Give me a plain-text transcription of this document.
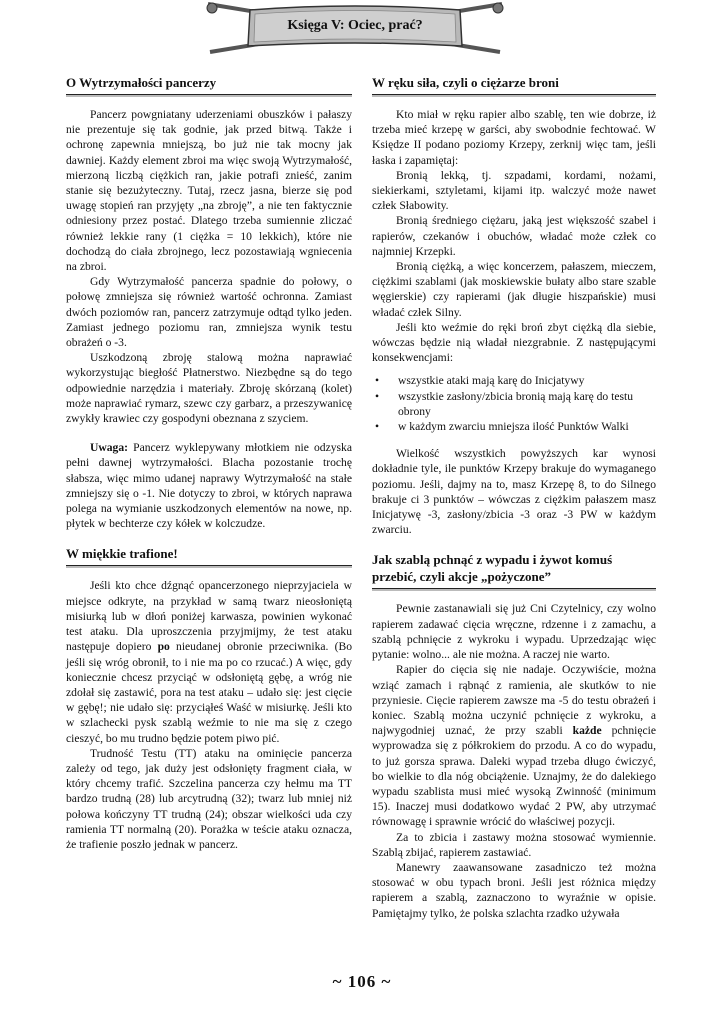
Księga V: Ociec, prać?
O Wytrzymałości pancerzy

Pancerz powgniatany uderzeniami obuszków i pałaszy nie prezentuje się tak godnie, jak przed bitwą. Także i ochronę zapewnia mniejszą, bo już nie tak mocny jak dawniej. Każdy element zbroi ma więc swoją Wytrzymałość, mierzoną liczbą ciężkich ran, jakie potrafi znieść, zanim stanie się bezużyteczny. Tutaj, rzecz jasna, bierze się pod uwagę stopień ran przyjęty „na zbroję”, a nie ten faktycznie odniesiony przez postać. Dlatego trzeba sumiennie zliczać również lekkie rany (1 ciężka = 10 lekkich), które nie dochodzą do ciała zbrojnego, lecz pozostawiają wgniecenia na zbroi.

Gdy Wytrzymałość pancerza spadnie do połowy, o połowę zmniejsza się również wartość ochronna. Zamiast dwóch poziomów ran, pancerz zatrzymuje odtąd tylko jeden. Zamiast jednego poziomu ran, zmniejsza wynik testu obrażeń o -3.

Uszkodzoną zbroję stalową można naprawiać wykorzystując biegłość Płatnerstwo. Niezbędne są do tego odpowiednie narzędzia i materiały. Zbroję skórzaną (kolet) może naprawiać rymarz, szewc czy garbarz, a przeszywanicę zwykły krawiec czy gospodyni obeznana z szyciem.

Uwaga: Pancerz wyklepywany młotkiem nie odzyska pełni dawnej wytrzymałości. Blacha pozostanie trochę słabsza, więc mimo udanej naprawy Wytrzymałość na stałe zmniejszy się o -1. Nie dotyczy to zbroi, w których naprawa polega na wymianie uszkodzonych elementów na nowe, np. płytek w bechterze czy kółek w kolczudze.

W miękkie trafione!

Jeśli kto chce dźgnąć opancerzonego nieprzyjaciela w miejsce odkryte, na przykład w samą twarz nieosłoniętą misiurką lub w dłoń poniżej karwasza, powinien wykonać test ataku. Dla uproszczenia przyjmijmy, że test ataku następuje dopiero po nieudanej obronie przeciwnika. (Bo jeśli się wróg obronił, to i nie ma po co rzucać.) A więc, gdy koniecznie chcesz przyciąć w odsłoniętą gębę, a wróg nie zdołał się zastawić, pora na test ataku – udało się: jest cięcie w gębę!; nie udało się: przyciąłeś Waść w misiurkę. Jeśli kto w szlachecki pysk szablą weźmie to nie ma się z czego cieszyć, bo mu trudno będzie potem piwo pić.

Trudność Testu (TT) ataku na ominięcie pancerza zależy od tego, jak duży jest odsłonięty fragment ciała, w który chcemy trafić. Szczelina pancerza czy hełmu ma TT bardzo trudną (28) lub arcytrudną (32); twarz lub mniej niż połowa kończyny TT trudną (24); obszar wielkości uda czy ramienia TT normalną (20). Porażka w teście ataku oznacza, że trafienie poszło jednak w pancerz.

W ręku siła, czyli o ciężarze broni

Kto miał w ręku rapier albo szablę, ten wie dobrze, iż trzeba mieć krzepę w garści, aby swobodnie fechtować. W Księdze II podano poziomy Krzepy, zerknij więc tam, jeśli łaska i zapamiętaj:

Bronią lekką, tj. szpadami, kordami, nożami, siekierkami, sztyletami, kijami itp. walczyć może nawet człek Słabowity.

Bronią średniego ciężaru, jaką jest większość szabel i rapierów, czekanów i obuchów, władać może człek co najmniej Krzepki.

Bronią ciężką, a więc koncerzem, pałaszem, mieczem, ciężkimi szablami (jak moskiewskie bułaty albo stare szable węgierskie) czy rapierami (jak długie hiszpańskie) musi władać człek Silny.

Jeśli kto weźmie do ręki broń zbyt ciężką dla siebie, wówczas będzie nią władał niezgrabnie. Z następującymi konsekwencjami:

• wszystkie ataki mają karę do Inicjatywy
• wszystkie zasłony/zbicia bronią mają karę do testu obrony
• w każdym zwarciu mniejsza ilość Punktów Walki

Wielkość wszystkich powyższych kar wynosi dokładnie tyle, ile punktów Krzepy brakuje do wymaganego poziomu. Jeśli, dajmy na to, masz Krzepę 8, to do Silnego brakuje ci 3 punktów – wówczas z ciężkim pałaszem masz Inicjatywę -3, zasłony/zbicia -3 oraz -3 PW w każdym zwarciu.

Jak szablą pchnąć z wypadu i żywot komuś przebić, czyli akcje „pożyczone”

Pewnie zastanawiali się już Cni Czytelnicy, czy wolno rapierem zadawać cięcia wręczne, rdzenne i z zamachu, a szablą pchnięcie z wykroku i wypadu. Uprzedzając więc pytanie: wolno... ale nie można. A raczej nie warto.

Rapier do cięcia się nie nadaje. Oczywiście, można wziąć zamach i rąbnąć z ramienia, ale skutków to nie przyniesie. Cięcie rapierem zawsze ma -5 do testu obrażeń i koniec. Szablą można uczynić pchnięcie z wykroku, a najwygodniej uznać, że przy szabli każde pchnięcie wyprowadza się z półkrokiem do przodu. A co do wypadu, to już gorsza sprawa. Daleki wypad trzeba długo ćwiczyć, bo wielkie to dla nóg obciążenie. Uznajmy, że do dalekiego wypadu szablista musi mieć wysoką Zwinność (minimum 15). Inaczej musi dodatkowo wydać 2 PW, aby utrzymać równowagę i sprawnie wrócić do właściwej pozycji.

Za to zbicia i zastawy można stosować wymiennie. Szablą zbijać, rapierem zastawiać.

Manewry zaawansowane zasadniczo też można stosować w obu typach broni. Jeśli jest różnica między rapierem a szablą, zaznaczono to wyraźnie w opisie. Pamiętajmy tylko, że polska szlachta rzadko używała

~ 106 ~
